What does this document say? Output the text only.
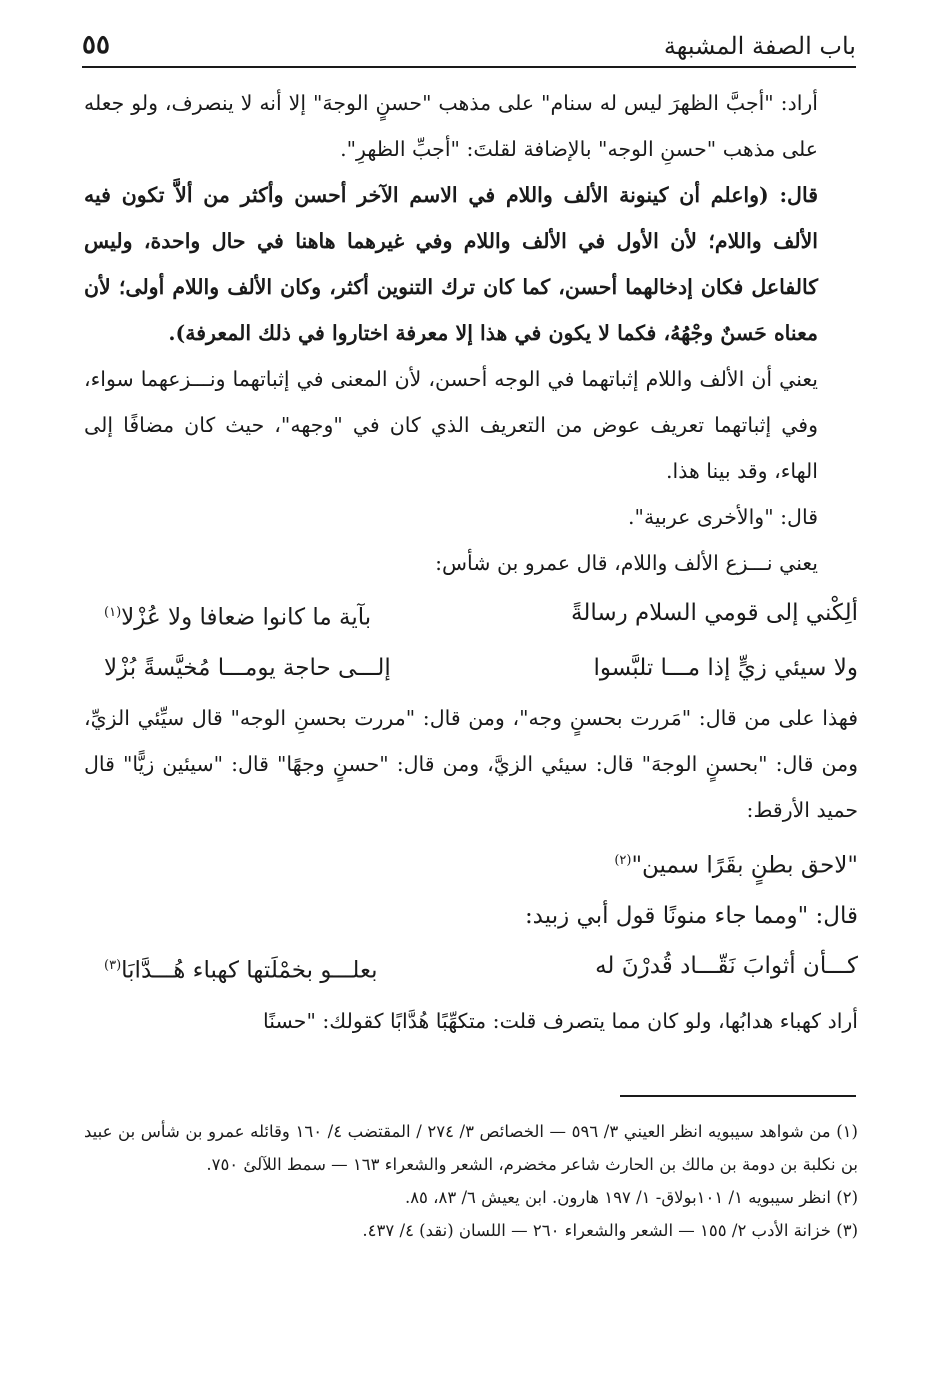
باب الصفة المشبهة
٥٥

أراد: "أجبَّ الظهرَ ليس له سنام" على مذهب "حسنٍ الوجهَ" إلا أنه لا ينصرف، ولو جعله على مذهب "حسنِ الوجه" بالإضافة لقلتَ: "أجبِّ الظهرِ".

قال: (واعلم أن كينونة الألف واللام في الاسم الآخر أحسن وأكثر من ألاَّ تكون فيه الألف واللام؛ لأن الأول في الألف واللام وفي غيرهما هاهنا في حال واحدة، وليس كالفاعل فكان إدخالهما أحسن، كما كان ترك التنوين أكثر، وكان الألف واللام أولى؛ لأن معناه حَسنٌ وجْهُهُ، فكما لا يكون في هذا إلا معرفة اختاروا في ذلك المعرفة).

يعني أن الألف واللام إثباتهما في الوجه أحسن، لأن المعنى في إثباتهما ونـــزعهما سواء، وفي إثباتهما تعريف عوض من التعريف الذي كان في "وجهه"، حيث كان مضافًا إلى الهاء، وقد بينا هذا.

قال: "والأخرى عربية".

يعني نـــزع الألف واللام، قال عمرو بن شأس:

ألِكْني إلى قومي السلام رسالةً
بآية ما كانوا ضعافا ولا عُزْلا$^{(١)}$
ولا سيئي زيٍّ إذا مـــا تلبَّسوا
إلـــى حاجة يومـــا مُخيَّسةً بُزْلا

فهذا على من قال: "مَررت بحسنٍ وجه"، ومن قال: "مررت بحسنِ الوجه" قال سيِّئي الزيِّ، ومن قال: "بحسنٍ الوجهَ" قال: سيئي الزيَّ، ومن قال: "حسنٍ وجهًا" قال: "سيئين زيًّا" قال حميد الأرقط:

"لاحق بطنٍ بقَرًا سمين"$^{(٢)}$

قال: "ومما جاء منونًا قول أبي زبيد:

كـــأن أثوابَ نَقّـــاد قُدرْنَ له
بعلـــو بخمْلَتها كهباء هُـــدَّابَا$^{(٣)}$

أراد كهباء هدابُها، ولو كان مما يتصرف قلت: متكهِّبًا هُدَّابًا كقولك: "حسنًا

(١) من شواهد سيبويه انظر العيني ٣/ ٥٩٦ — الخصائص ٣/ ٢٧٤ / المقتضب ٤/ ١٦٠ وقائله عمرو بن شأس بن عبيد بن نكلبة بن دومة بن مالك بن الحارث شاعر مخضرم، الشعر والشعراء ١٦٣ — سمط اللآلئ ٧٥٠.

(٢) انظر سيبويه ١/ ١٠١بولاق- ١/ ١٩٧ هارون. ابن يعيش ٦/ ٨٣، ٨٥.

(٣) خزانة الأدب ٢/ ١٥٥ — الشعر والشعراء ٢٦٠ — اللسان (نقد) ٤/ ٤٣٧.
